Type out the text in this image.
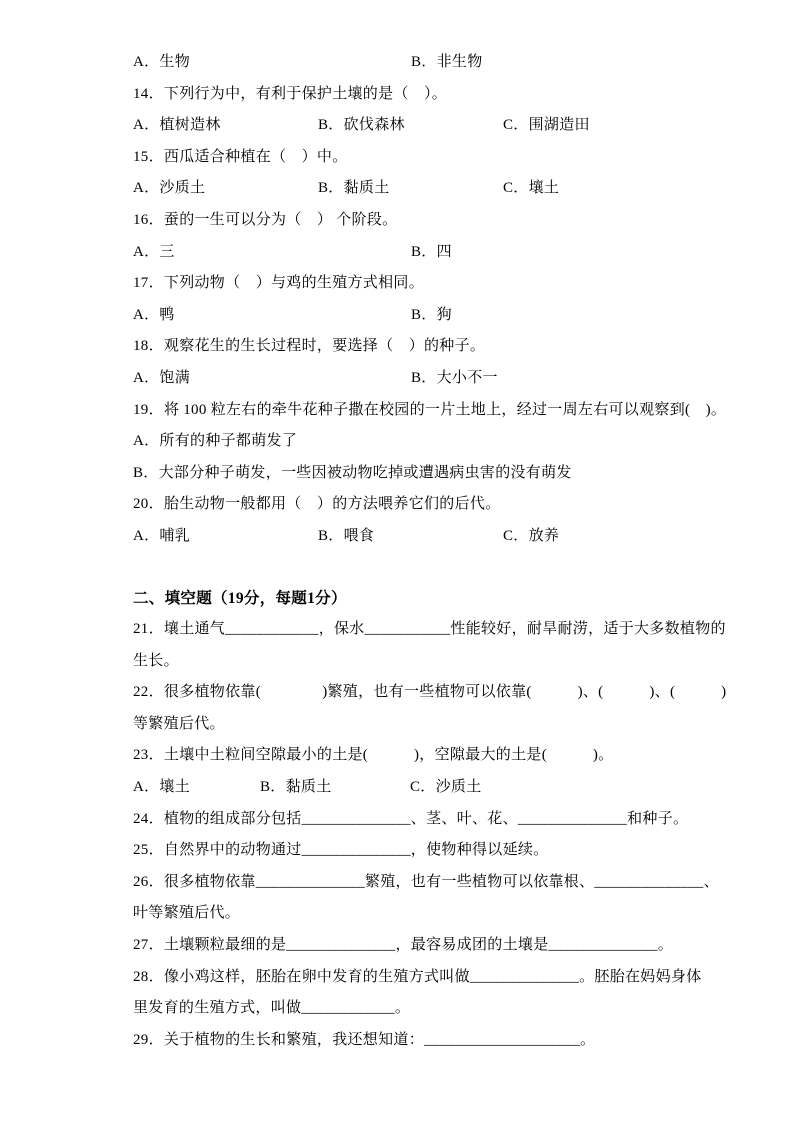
A．生物	B．非生物
14．下列行为中，有利于保护土壤的是（　）。
A．植树造林	B．砍伐森林	C．围湖造田
15．西瓜适合种植在（　）中。
A．沙质土	B．黏质土	C．壤土
16．蚕的一生可以分为（　） 个阶段。
A．三	B．四
17．下列动物（　）与鸡的生殖方式相同。
A．鸭	B．狗
18．观察花生的生长过程时，要选择（　）的种子。
A．饱满	B．大小不一
19．将 100 粒左右的牵牛花种子撒在校园的一片土地上，经过一周左右可以观察到(　)。
A．所有的种子都萌发了
B．大部分种子萌发，一些因被动物吃掉或遭遇病虫害的没有萌发
20．胎生动物一般都用（　）的方法喂养它们的后代。
A．哺乳	B．喂食	C．放养
二、填空题（19分，每题1分）
21．壤土通气____________，保水___________性能较好，耐旱耐涝，适于大多数植物的
生长。
22．很多植物依靠(　　　　)繁殖，也有一些植物可以依靠(　　　)、(　　　)、(　　　)
等繁殖后代。
23．土壤中土粒间空隙最小的土是(　　　)，空隙最大的土是(　　　)。
A．壤土	B．黏质土	C．沙质土
24．植物的组成部分包括______________、茎、叶、花、______________和种子。
25．自然界中的动物通过______________，使物种得以延续。
26．很多植物依靠______________繁殖，也有一些植物可以依靠根、______________、
叶等繁殖后代。
27．土壤颗粒最细的是______________，最容易成团的土壤是______________。
28．像小鸡这样，胚胎在卵中发育的生殖方式叫做______________。胚胎在妈妈身体
里发育的生殖方式，叫做____________。
29．关于植物的生长和繁殖，我还想知道：____________________。
